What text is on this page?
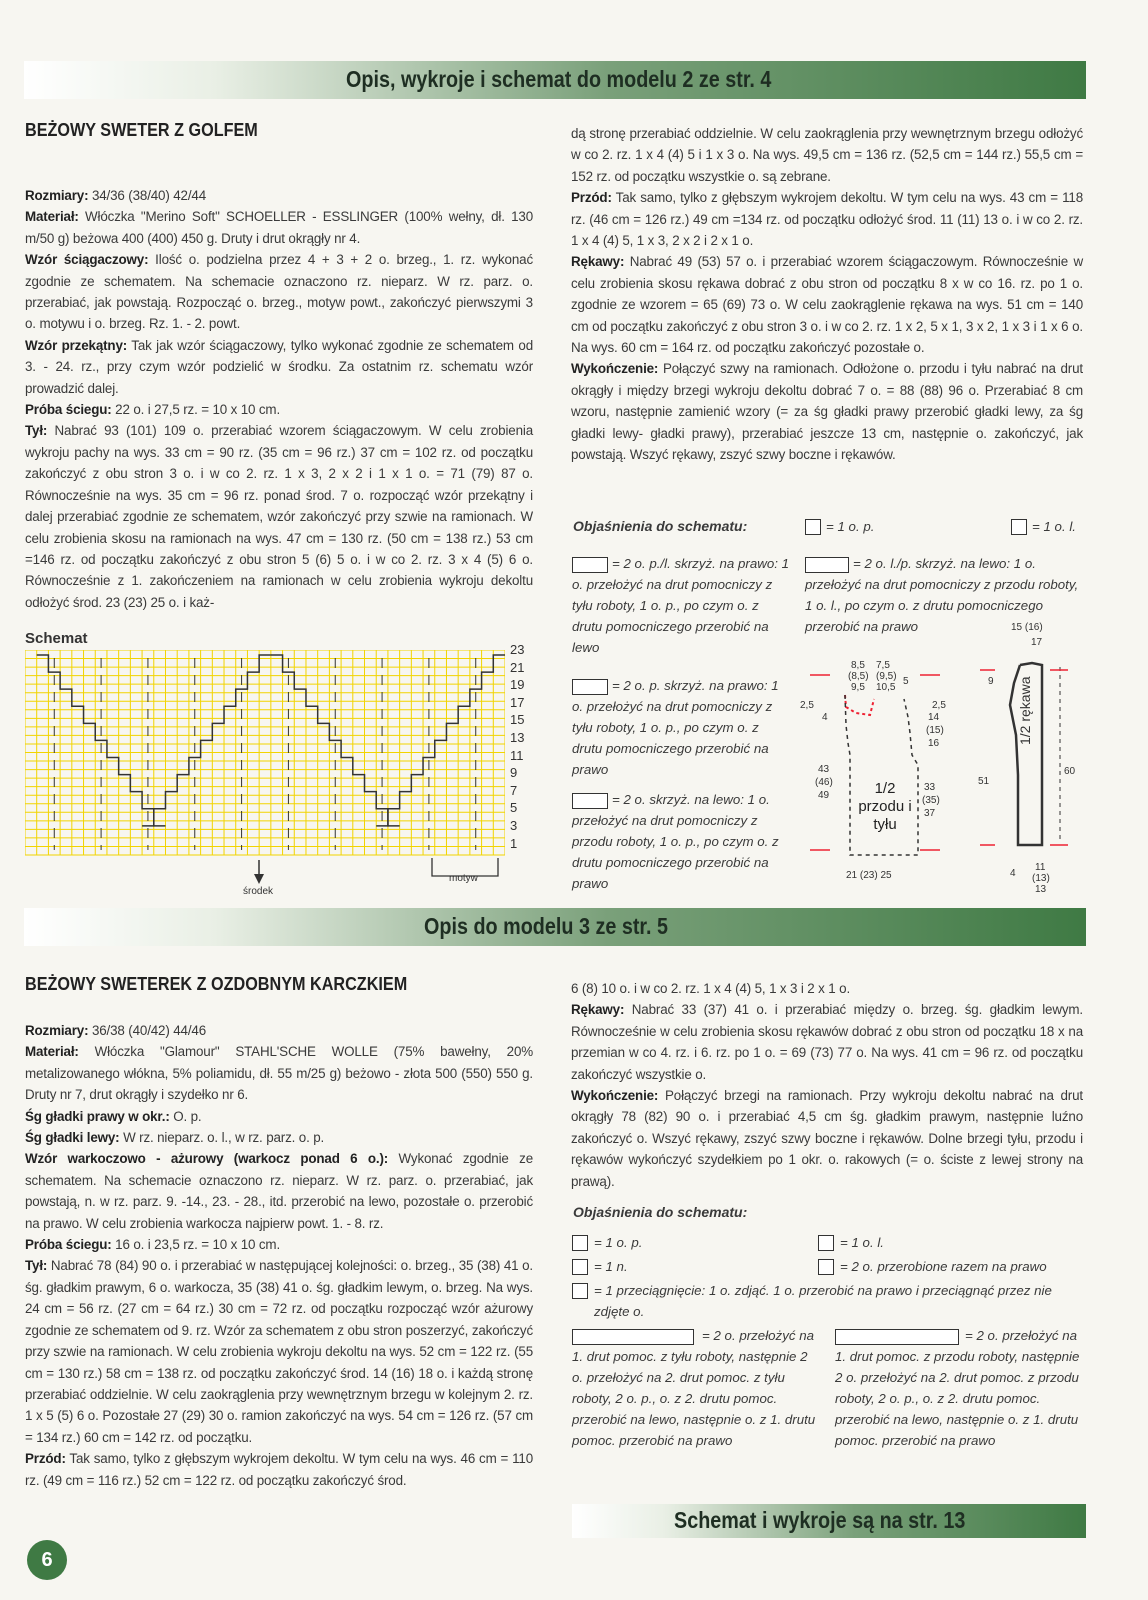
Opis, wykroje i schemat do modelu 2 ze str. 4
BEŻOWY SWETER Z GOLFEM

Rozmiary: 34/36 (38/40) 42/44

Materiał: Włóczka "Merino Soft" SCHOELLER - ESSLINGER (100% wełny, dł. 130 m/50 g) beżowa 400 (400) 450 g. Druty i drut okrągły nr 4.

Wzór ściągaczowy: Ilość o. podzielna przez 4 + 3 + 2 o. brzeg., 1. rz. wykonać zgodnie ze schematem. Na schemacie oznaczono rz. nieparz. W rz. parz. o. przerabiać, jak powstają. Rozpocząć o. brzeg., motyw powt., zakończyć pierwszymi 3 o. motywu i o. brzeg. Rz. 1. - 2. powt.

Wzór przekątny: Tak jak wzór ściągaczowy, tylko wykonać zgodnie ze schematem od 3. - 24. rz., przy czym wzór podzielić w środku. Za ostatnim rz. schematu wzór prowadzić dalej.

Próba ściegu: 22 o. i 27,5 rz. = 10 x 10 cm.

Tył: Nabrać 93 (101) 109 o. przerabiać wzorem ściągaczowym. W celu zrobienia wykroju pachy na wys. 33 cm = 90 rz. (35 cm = 96 rz.) 37 cm = 102 rz. od początku zakończyć z obu stron 3 o. i w co 2. rz. 1 x 3, 2 x 2 i 1 x 1 o. = 71 (79) 87 o. Równocześnie na wys. 35 cm = 96 rz. ponad środ. 7 o. rozpocząć wzór przekątny i dalej przerabiać zgodnie ze schematem, wzór zakończyć przy szwie na ramionach. W celu zrobienia skosu na ramionach na wys. 47 cm = 130 rz. (50 cm = 138 rz.) 53 cm =146 rz. od początku zakończyć z obu stron 5 (6) 5 o. i w co 2. rz. 3 x 4 (5) 6 o. Równocześnie z 1. zakończeniem na ramionach w celu zrobienia wykroju dekoltu odłożyć środ. 23 (23) 25 o. i każ-

dą stronę przerabiać oddzielnie. W celu zaokrąglenia przy wewnętrznym brzegu odłożyć w co 2. rz. 1 x 4 (4) 5 i 1 x 3 o. Na wys. 49,5 cm = 136 rz. (52,5 cm = 144 rz.) 55,5 cm = 152 rz. od początku wszystkie o. są zebrane.

Przód: Tak samo, tylko z głębszym wykrojem dekoltu. W tym celu na wys. 43 cm = 118 rz. (46 cm = 126 rz.) 49 cm =134 rz. od początku odłożyć środ. 11 (11) 13 o. i w co 2. rz. 1 x 4 (4) 5, 1 x 3, 2 x 2 i 2 x 1 o.

Rękawy: Nabrać 49 (53) 57 o. i przerabiać wzorem ściągaczowym. Równocześnie w celu zrobienia skosu rękawa dobrać z obu stron od początku 8 x w co 16. rz. po 1 o. zgodnie ze wzorem = 65 (69) 73 o. W celu zaokrąglenie rękawa na wys. 51 cm = 140 cm od początku zakończyć z obu stron 3 o. i w co 2. rz. 1 x 2, 5 x 1, 3 x 2, 1 x 3 i 1 x 6 o. Na wys. 60 cm = 164 rz. od początku zakończyć pozostałe o.

Wykończenie: Połączyć szwy na ramionach. Odłożone o. przodu i tyłu nabrać na drut okrągły i między brzegi wykroju dekoltu dobrać 7 o. = 88 (88) 96 o. Przerabiać 8 cm wzoru, następnie zamienić wzory (= za śg gładki prawy przerobić gładki lewy, za śg gładki lewy- gładki prawy), przerabiać jeszcze 13 cm, następnie o. zakończyć, jak powstają. Wszyć rękawy, zszyć szwy boczne i rękawów.

Schemat
23
21
19
17
15
13
11
9
7
5
3
1
środek
motyw
Objaśnienia do schematu:	= 1 o. p.	= 1 o. l.

= 2 o. p./l. skrzyż. na prawo: 1 o. przełożyć na drut pomocniczy z tyłu roboty, 1 o. p., po czym o. z drutu pomocniczego przerobić na lewo

= 2 o. l./p. skrzyż. na lewo: 1 o. przełożyć na drut pomocniczy z przodu roboty, 1 o. l., po czym o. z drutu pomocniczego przerobić na prawo

= 2 o. p. skrzyż. na prawo: 1 o. przełożyć na drut pomocniczy z tyłu roboty, 1 o. p., po czym o. z drutu pomocniczego przerobić na prawo

= 2 o. skrzyż. na lewo: 1 o. przełożyć na drut pomocniczy z przodu roboty, 1 o. p., po czym o. z drutu pomocniczego przerobić na prawo

15 (16)
17
8,5 7,5
(8,5) (9,5)
9,5 10,5
5
2,5	2,5
4	14
(15)
16
43
(46)
49
33
(35)
37
21 (23) 25
1/2 przodu i tyłu
1/2 rękawa
9
51
60
4
11
(13)
13
Opis do modelu 3 ze str. 5
BEŻOWY SWETEREK Z OZDOBNYM KARCZKIEM

Rozmiary: 36/38 (40/42) 44/46

Materiał: Włóczka "Glamour" STAHL'SCHE WOLLE (75% bawełny, 20% metalizowanego włókna, 5% poliamidu, dł. 55 m/25 g) beżowo - złota 500 (550) 550 g. Druty nr 7, drut okrągły i szydełko nr 6.

Śg gładki prawy w okr.: O. p.

Śg gładki lewy: W rz. nieparz. o. l., w rz. parz. o. p.

Wzór warkoczowo - ażurowy (warkocz ponad 6 o.): Wykonać zgodnie ze schematem. Na schemacie oznaczono rz. nieparz. W rz. parz. o. przerabiać, jak powstają, n. w rz. parz. 9. -14., 23. - 28., itd. przerobić na lewo, pozostałe o. przerobić na prawo. W celu zrobienia warkocza najpierw powt. 1. - 8. rz.

Próba ściegu: 16 o. i 23,5 rz. = 10 x 10 cm.

Tył: Nabrać 78 (84) 90 o. i przerabiać w następującej kolejności: o. brzeg., 35 (38) 41 o. śg. gładkim prawym, 6 o. warkocza, 35 (38) 41 o. śg. gładkim lewym, o. brzeg. Na wys. 24 cm = 56 rz. (27 cm = 64 rz.) 30 cm = 72 rz. od początku rozpocząć wzór ażurowy zgodnie ze schematem od 9. rz. Wzór za schematem z obu stron poszerzyć, zakończyć przy szwie na ramionach. W celu zrobienia wykroju dekoltu na wys. 52 cm = 122 rz. (55 cm = 130 rz.) 58 cm = 138 rz. od początku zakończyć środ. 14 (16) 18 o. i każdą stronę przerabiać oddzielnie. W celu zaokrąglenia przy wewnętrznym brzegu w kolejnym 2. rz. 1 x 5 (5) 6 o. Pozostałe 27 (29) 30 o. ramion zakończyć na wys. 54 cm = 126 rz. (57 cm = 134 rz.) 60 cm = 142 rz. od początku.

Przód: Tak samo, tylko z głębszym wykrojem dekoltu. W tym celu na wys. 46 cm = 110 rz. (49 cm = 116 rz.) 52 cm = 122 rz. od początku zakończyć środ.

6 (8) 10 o. i w co 2. rz. 1 x 4 (4) 5, 1 x 3 i 2 x 1 o.

Rękawy: Nabrać 33 (37) 41 o. i przerabiać między o. brzeg. śg. gładkim lewym. Równocześnie w celu zrobienia skosu rękawów dobrać z obu stron od początku 18 x na przemian w co 4. rz. i 6. rz. po 1 o. = 69 (73) 77 o. Na wys. 41 cm = 96 rz. od początku zakończyć wszystkie o.

Wykończenie: Połączyć brzegi na ramionach. Przy wykroju dekoltu nabrać na drut okrągły 78 (82) 90 o. i przerabiać 4,5 cm śg. gładkim prawym, następnie luźno zakończyć o. Wszyć rękawy, zszyć szwy boczne i rękawów. Dolne brzegi tyłu, przodu i rękawów wykończyć szydełkiem po 1 okr. o. rakowych (= o. ściste z lewej strony na prawą).

Objaśnienia do schematu:
= 1 o. p.	= 1 o. l.
= 1 n.	= 2 o. przerobione razem na prawo

= 1 przeciągnięcie: 1 o. zdjąć. 1 o. przerobić na prawo i przeciągnąć przez nie zdjęte o.

= 2 o. przełożyć na 1. drut pomoc. z tyłu roboty, następnie 2 o. przełożyć na 2. drut pomoc. z tyłu roboty, 2 o. p., o. z 2. drutu pomoc. przerobić na lewo, następnie o. z 1. drutu pomoc. przerobić na prawo

= 2 o. przełożyć na 1. drut pomoc. z przodu roboty, następnie 2 o. przełożyć na 2. drut pomoc. z przodu roboty, 2 o. p., o. z 2. drutu pomoc. przerobić na lewo, następnie o. z 1. drutu pomoc. przerobić na prawo

Schemat i wykroje są na str. 13
6
